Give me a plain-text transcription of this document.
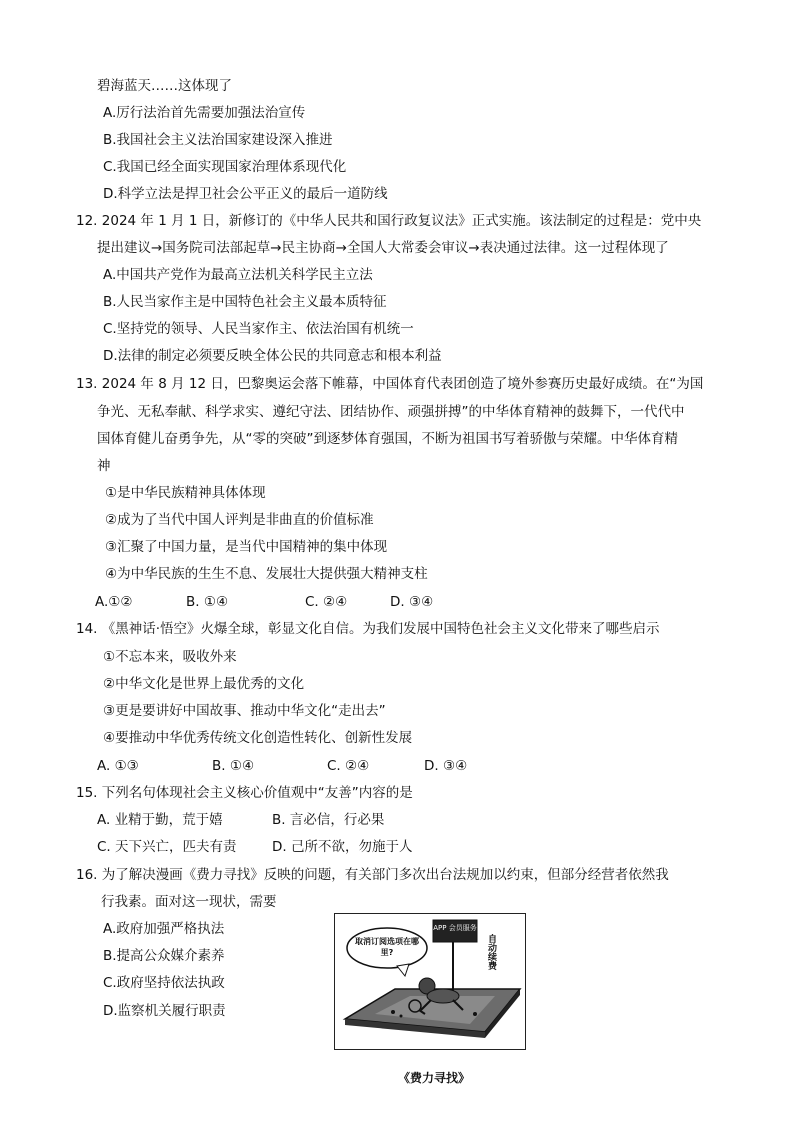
碧海蓝天……这体现了
A.厉行法治首先需要加强法治宣传
B.我国社会主义法治国家建设深入推进
C.我国已经全面实现国家治理体系现代化
D.科学立法是捍卫社会公平正义的最后一道防线
12. 2024 年 1 月 1 日，新修订的《中华人民共和国行政复议法》正式实施。该法制定的过程是：党中央
提出建议→国务院司法部起草→民主协商→全国人大常委会审议→表决通过法律。这一过程体现了
A.中国共产党作为最高立法机关科学民主立法
B.人民当家作主是中国特色社会主义最本质特征
C.坚持党的领导、人民当家作主、依法治国有机统一
D.法律的制定必须要反映全体公民的共同意志和根本利益
13. 2024 年 8 月 12 日，巴黎奥运会落下帷幕，中国体育代表团创造了境外参赛历史最好成绩。在“为国
争光、无私奉献、科学求实、遵纪守法、团结协作、顽强拼搏”的中华体育精神的鼓舞下，一代代中
国体育健儿奋勇争先，从“零的突破”到逐梦体育强国，不断为祖国书写着骄傲与荣耀。中华体育精
神
①是中华民族精神具体体现
②成为了当代中国人评判是非曲直的价值标准
③汇聚了中国力量，是当代中国精神的集中体现
④为中华民族的生生不息、发展壮大提供强大精神支柱
A.①②	B. ①④	C. ②④	D. ③④
14. 《黑神话·悟空》火爆全球，彰显文化自信。为我们发展中国特色社会主义文化带来了哪些启示
①不忘本来，吸收外来
②中华文化是世界上最优秀的文化
③更是要讲好中国故事、推动中华文化“走出去”
④要推动中华优秀传统文化创造性转化、创新性发展
A. ①③	B. ①④	C. ②④	D. ③④
15. 下列名句体现社会主义核心价值观中“友善”内容的是
A. 业精于勤，荒于嬉	B. 言必信，行必果
C. 天下兴亡，匹夫有责	D. 己所不欲，勿施于人
16. 为了解决漫画《费力寻找》反映的问题，有关部门多次出台法规加以约束，但部分经营者依然我
行我素。面对这一现状，需要
A.政府加强严格执法
B.提高公众媒介素养
C.政府坚持依法执政
D.监察机关履行职责
APP 会员服务
取消订阅选项在哪里?	自动续费
《费力寻找》
